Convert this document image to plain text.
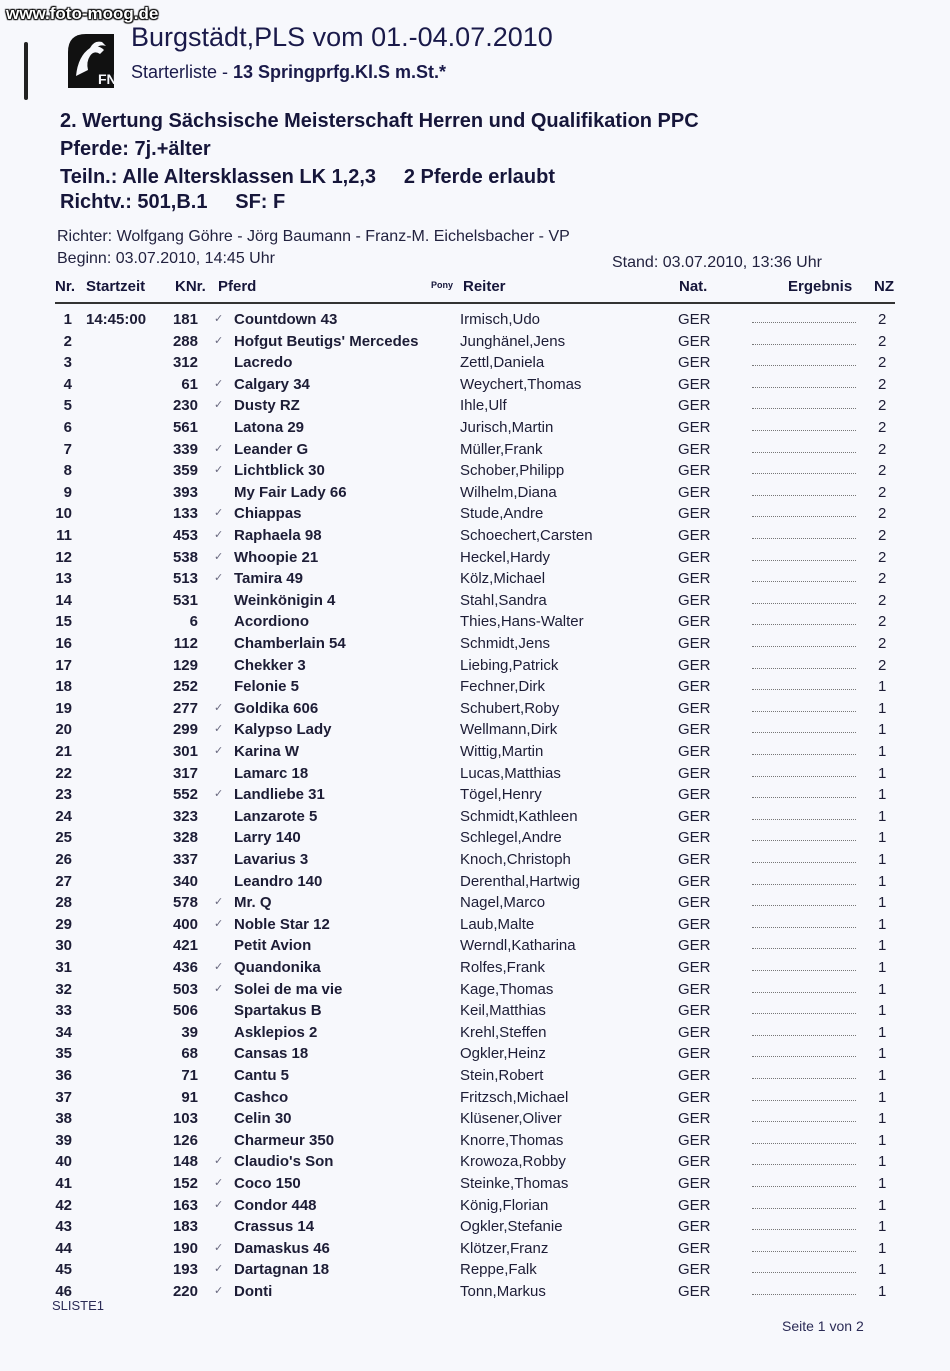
www.foto-moog.de
FN
Burgstädt,PLS vom 01.-04.07.2010
Starterliste - 13 Springprfg.Kl.S m.St.*
2. Wertung Sächsische Meisterschaft Herren und Qualifikation PPC
Pferde: 7j.+älter
Teiln.: Alle Altersklassen LK 1,2,3     2 Pferde erlaubt
Richtv.: 501,B.1     SF: F
Richter: Wolfgang Göhre - Jörg Baumann - Franz-M. Eichelsbacher - VP
Beginn: 03.07.2010, 14:45 Uhr	Stand: 03.07.2010, 13:36 Uhr
Nr. Startzeit KNr. Pferd	Pony Reiter	Nat.	Ergebnis NZ
1 14:45:00	181 ✓ Countdown 43	Irmisch,Udo	GER	2
2	288 ✓ Hofgut Beutigs' Mercedes	Junghänel,Jens	GER	2
3	312 Lacredo	Zettl,Daniela	GER	2
4	61 ✓ Calgary 34	Weychert,Thomas	GER	2
5	230 ✓ Dusty RZ	Ihle,Ulf	GER	2
6	561 Latona 29	Jurisch,Martin	GER	2
7	339 ✓ Leander G	Müller,Frank	GER	2
8	359 ✓ Lichtblick 30	Schober,Philipp	GER	2
9	393 My Fair Lady 66	Wilhelm,Diana	GER	2
10	133 ✓ Chiappas	Stude,Andre	GER	2
11	453 ✓ Raphaela 98	Schoechert,Carsten	GER	2
12	538 ✓ Whoopie 21	Heckel,Hardy	GER	2
13	513 ✓ Tamira 49	Kölz,Michael	GER	2
14	531 Weinkönigin 4	Stahl,Sandra	GER	2
15	6 Acordiono	Thies,Hans-Walter	GER	2
16	112 Chamberlain 54	Schmidt,Jens	GER	2
17	129 Chekker 3	Liebing,Patrick	GER	2
18	252 Felonie 5	Fechner,Dirk	GER	1
19	277 ✓ Goldika 606	Schubert,Roby	GER	1
20	299 ✓ Kalypso Lady	Wellmann,Dirk	GER	1
21	301 ✓ Karina W	Wittig,Martin	GER	1
22	317 Lamarc 18	Lucas,Matthias	GER	1
23	552 ✓ Landliebe 31	Tögel,Henry	GER	1
24	323 Lanzarote 5	Schmidt,Kathleen	GER	1
25	328 Larry 140	Schlegel,Andre	GER	1
26	337 Lavarius 3	Knoch,Christoph	GER	1
27	340 Leandro 140	Derenthal,Hartwig	GER	1
28	578 ✓ Mr. Q	Nagel,Marco	GER	1
29	400 ✓ Noble Star 12	Laub,Malte	GER	1
30	421 Petit Avion	Werndl,Katharina	GER	1
31	436 ✓ Quandonika	Rolfes,Frank	GER	1
32	503 ✓ Solei de ma vie	Kage,Thomas	GER	1
33	506 Spartakus B	Keil,Matthias	GER	1
34	39 Asklepios 2	Krehl,Steffen	GER	1
35	68 Cansas 18	Ogkler,Heinz	GER	1
36	71 Cantu 5	Stein,Robert	GER	1
37	91 Cashco	Fritzsch,Michael	GER	1
38	103 Celin 30	Klüsener,Oliver	GER	1
39	126 Charmeur 350	Knorre,Thomas	GER	1
40	148 ✓ Claudio's Son	Krowoza,Robby	GER	1
41	152 ✓ Coco 150	Steinke,Thomas	GER	1
42	163 ✓ Condor 448	König,Florian	GER	1
43	183 Crassus 14	Ogkler,Stefanie	GER	1
44	190 ✓ Damaskus 46	Klötzer,Franz	GER	1
45	193 ✓ Dartagnan 18	Reppe,Falk	GER	1
46	220 ✓ Donti	Tonn,Markus	GER	1
SLISTE1
Seite 1 von 2
